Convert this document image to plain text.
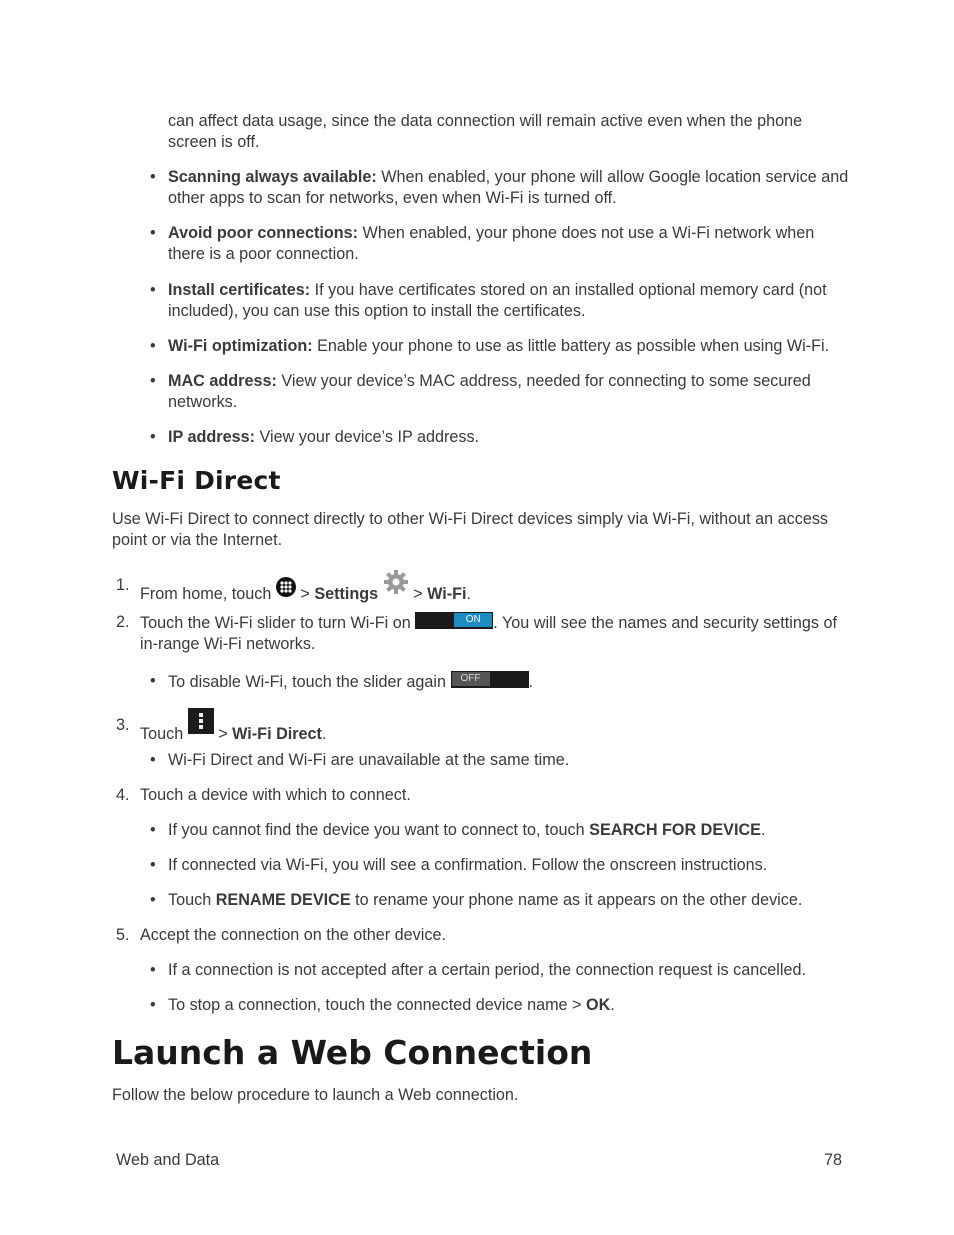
can affect data usage, since the data connection will remain active even when the phone screen is off.

• Scanning always available: When enabled, your phone will allow Google location service and other apps to scan for networks, even when Wi-Fi is turned off.
• Avoid poor connections: When enabled, your phone does not use a Wi-Fi network when there is a poor connection.
• Install certificates: If you have certificates stored on an installed optional memory card (not included), you can use this option to install the certificates.
• Wi-Fi optimization: Enable your phone to use as little battery as possible when using Wi-Fi.
• MAC address: View your device’s MAC address, needed for connecting to some secured networks.
• IP address: View your device’s IP address.
Wi-Fi Direct

Use Wi-Fi Direct to connect directly to other Wi-Fi Direct devices simply via Wi-Fi, without an access point or via the Internet.

1. From home, touch  > Settings  > Wi-Fi.
2. Touch the Wi-Fi slider to turn Wi-Fi on	ON . You will see the names and security settings of in-range Wi-Fi networks.
• To disable Wi-Fi, touch the slider again	OFF	.
3. Touch
> Wi-Fi Direct.
• Wi-Fi Direct and Wi-Fi are unavailable at the same time.
4. Touch a device with which to connect.
• If you cannot find the device you want to connect to, touch SEARCH FOR DEVICE.
• If connected via Wi-Fi, you will see a confirmation. Follow the onscreen instructions.
• Touch RENAME DEVICE to rename your phone name as it appears on the other device.
5. Accept the connection on the other device.
• If a connection is not accepted after a certain period, the connection request is cancelled.
• To stop a connection, touch the connected device name > OK.
Launch a Web Connection

Follow the below procedure to launch a Web connection.

Web and Data	78
